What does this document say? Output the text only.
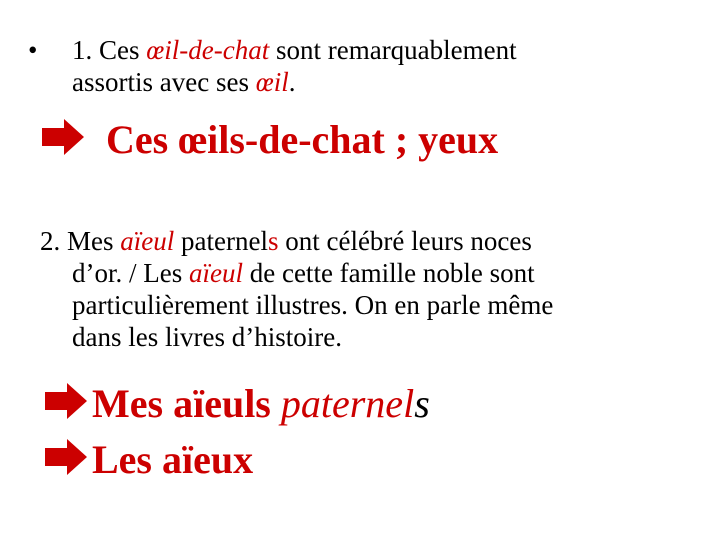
• 1. Ces œil-de-chat sont remarquablement
assortis avec ses œil.
Ces œils-de-chat ; yeux
2. Mes aïeul paternels ont célébré leurs noces
d’or. / Les aïeul de cette famille noble sont
particulièrement illustres. On en parle même
dans les livres d’histoire.
Mes aïeuls paternels
Les aïeux
